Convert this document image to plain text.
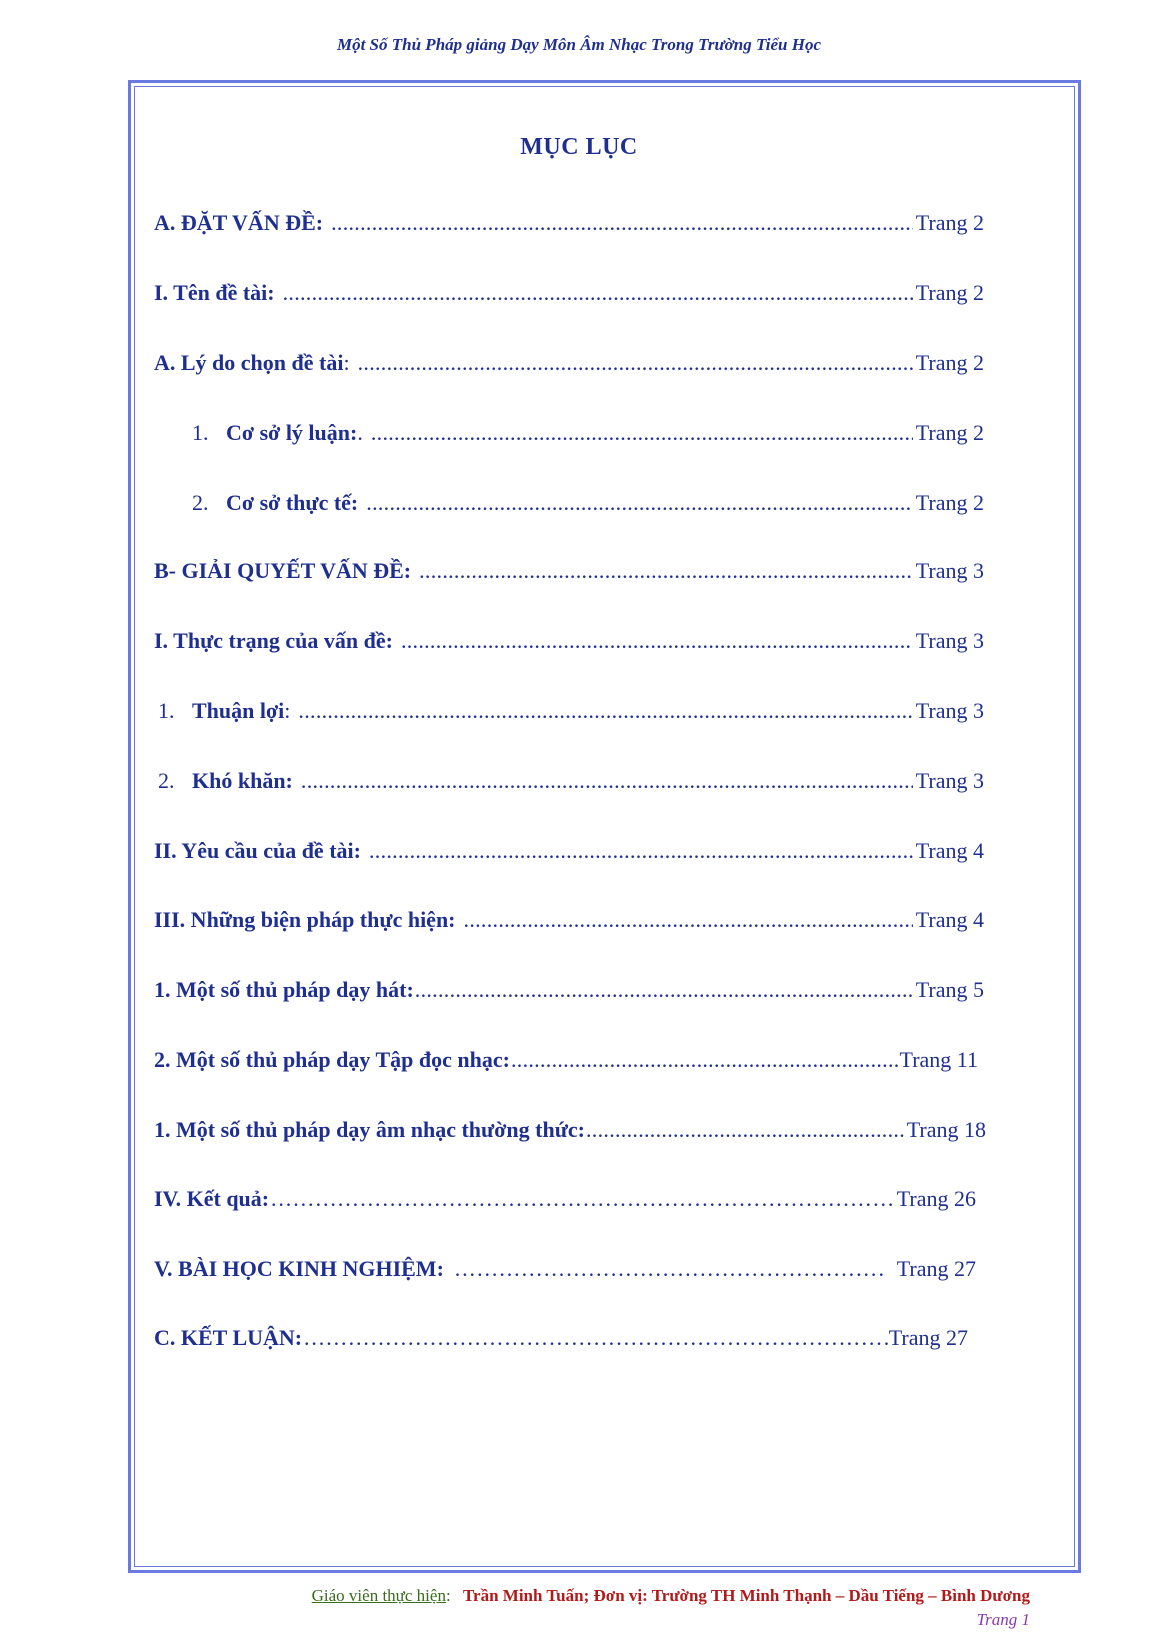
Một Số Thủ Pháp giảng Dạy Môn Âm Nhạc Trong Trường Tiểu Học
MỤC LỤC
A. ĐẶT VẤN ĐỀ: .....	Trang 2
I. Tên đề tài: .....	Trang 2
A. Lý do chọn đề tài : .....	Trang 2
1. Cơ sở lý luận: . .....	Trang 2
2. Cơ sở thực tế: .....	Trang 2
B- GIẢI QUYẾT VẤN ĐỀ: .....	Trang 3
I. Thực trạng của vấn đề: .....	Trang 3
1. Thuận lợi : .....	Trang 3
2. Khó khăn: .....	Trang 3
II. Yêu cầu của đề tài: .....	Trang 4
III. Những biện pháp thực hiện: .....	Trang 4
1. Một số thủ pháp dạy hát: .....	Trang 5
2. Một số thủ pháp dạy Tập đọc nhạc: .....	Trang 11
1. Một số thủ pháp dạy âm nhạc thường thức: .....	Trang 18
IV. Kết quả: ………………………………………………………………………………………………………………………………………	Trang 26
V. BÀI HỌC KINH NGHIỆM: ………………………………………………………………………………………………………………………………………	Trang 27
C. KẾT LUẬN: ………………………………………………………………………………………………………………………………………	Trang 27
Giáo viên thực hiện: Trần Minh Tuấn; Đơn vị: Trường TH Minh Thạnh – Dầu Tiếng – Bình Dương
Trang 1
